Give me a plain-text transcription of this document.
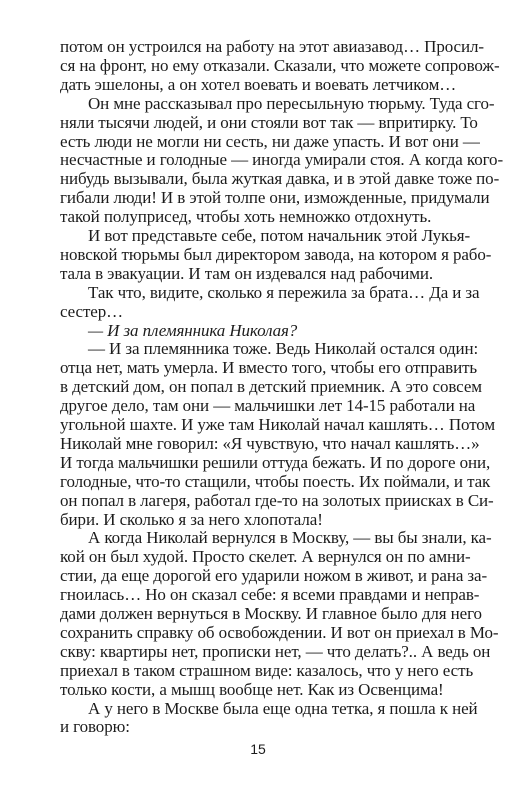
потом он устроился на работу на этот авиазавод… Просил-
ся на фронт, но ему отказали. Сказали, что можете сопровож-
дать эшелоны, а он хотел воевать и воевать летчиком…
Он мне рассказывал про пересыльную тюрьму. Туда сго-
няли тысячи людей, и они стояли вот так — впритирку. То
есть люди не могли ни сесть, ни даже упасть. И вот они —
несчастные и голодные — иногда умирали стоя. А когда кого-
нибудь вызывали, была жуткая давка, и в этой давке тоже по-
гибали люди! И в этой толпе они, изможденные, придумали
такой полуприсед, чтобы хоть немножко отдохнуть.
И вот представьте себе, потом начальник этой Лукья-
новской тюрьмы был директором завода, на котором я рабо-
тала в эвакуации. И там он издевался над рабочими.
Так что, видите, сколько я пережила за брата… Да и за
сестер…
— И за племянника Николая?
— И за племянника тоже. Ведь Николай остался один:
отца нет, мать умерла. И вместо того, чтобы его отправить
в детский дом, он попал в детский приемник. А это совсем
другое дело, там они — мальчишки лет 14-15 работали на
угольной шахте. И уже там Николай начал кашлять… Потом
Николай мне говорил: «Я чувствую, что начал кашлять…»
И тогда мальчишки решили оттуда бежать. И по дороге они,
голодные, что-то стащили, чтобы поесть. Их поймали, и так
он попал в лагеря, работал где-то на золотых приисках в Си-
бири. И сколько я за него хлопотала!
А когда Николай вернулся в Москву, — вы бы знали, ка-
кой он был худой. Просто скелет. А вернулся он по амни-
стии, да еще дорогой его ударили ножом в живот, и рана за-
гноилась… Но он сказал себе: я всеми правдами и неправ-
дами должен вернуться в Москву. И главное было для него
сохранить справку об освобождении. И вот он приехал в Мо-
скву: квартиры нет, прописки нет, — что делать?.. А ведь он
приехал в таком страшном виде: казалось, что у него есть
только кости, а мышц вообще нет. Как из Освенцима!
А у него в Москве была еще одна тетка, я пошла к ней
и говорю:
15
